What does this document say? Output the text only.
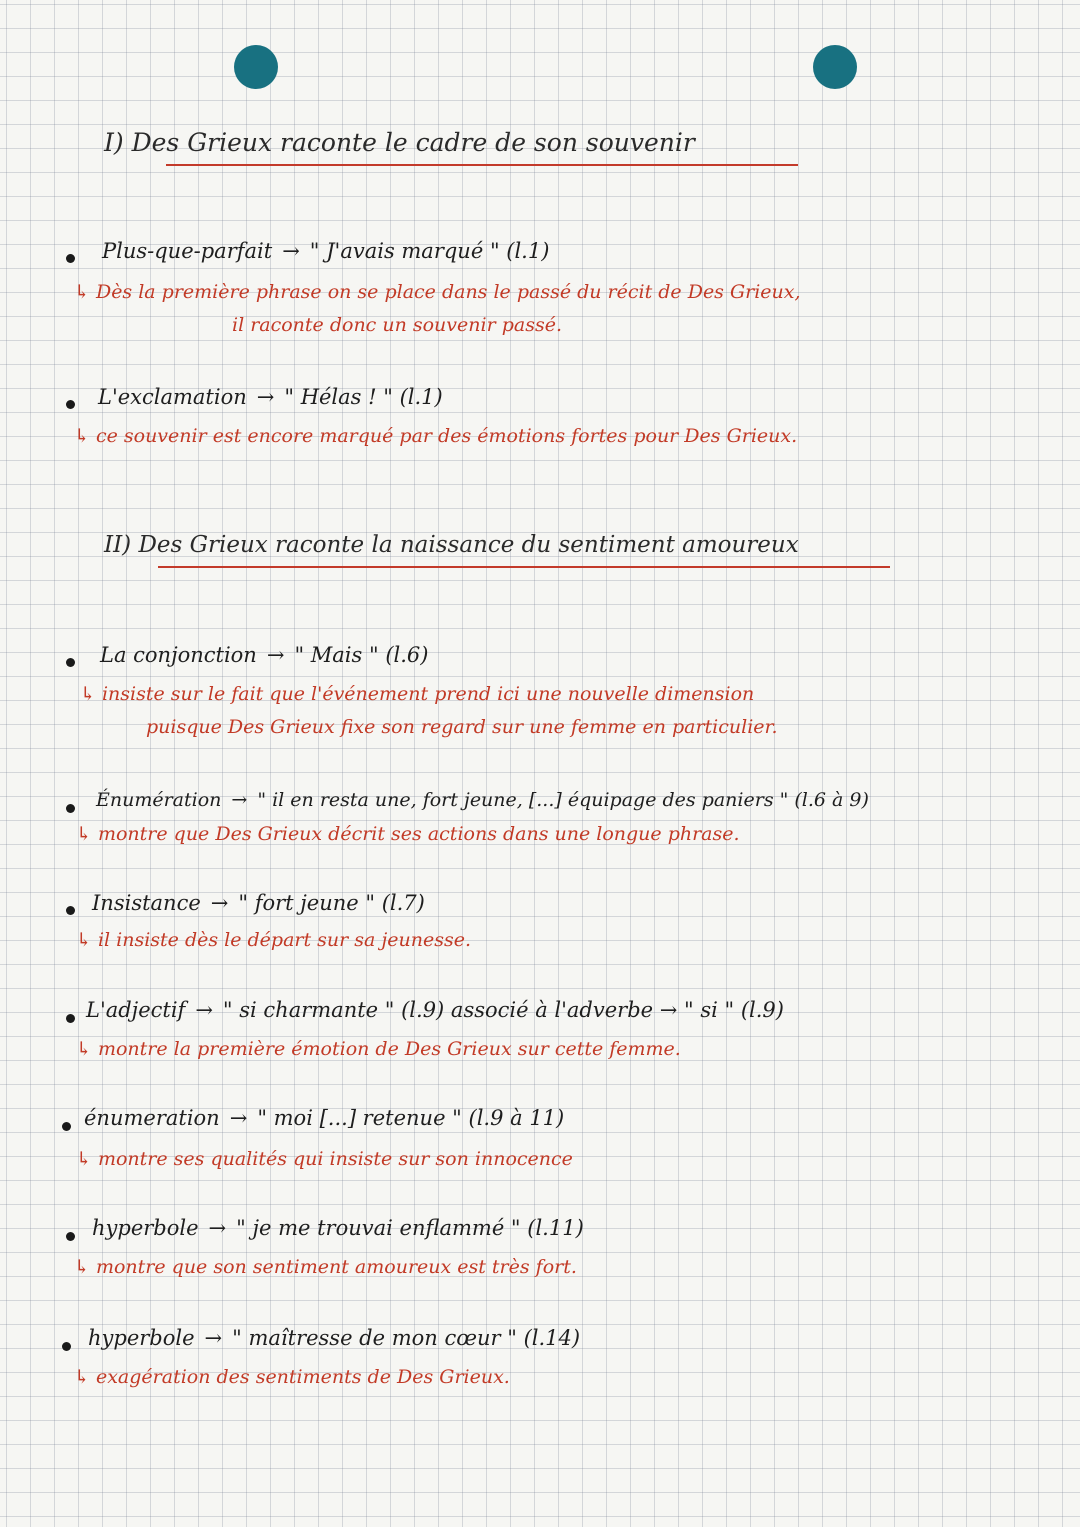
I) Des Grieux raconte le cadre de son souvenir
Plus-que-parfait → " J'avais marqué " (l.1)
↳ Dès la première phrase on se place dans le passé du récit de Des Grieux,
il raconte donc un souvenir passé.
L'exclamation → " Hélas ! " (l.1)
↳ ce souvenir est encore marqué par des émotions fortes pour Des Grieux.
II) Des Grieux raconte la naissance du sentiment amoureux
La conjonction → " Mais " (l.6)
↳ insiste sur le fait que l'événement prend ici une nouvelle dimension
puisque Des Grieux fixe son regard sur une femme en particulier.
Énumération → " il en resta une, fort jeune, [...] équipage des paniers " (l.6 à 9)
↳ montre que Des Grieux décrit ses actions dans une longue phrase.
Insistance → " fort jeune " (l.7)
↳ il insiste dès le départ sur sa jeunesse.
L'adjectif → " si charmante " (l.9) associé à l'adverbe → " si " (l.9)
↳ montre la première émotion de Des Grieux sur cette femme.
énumeration → " moi [...] retenue " (l.9 à 11)
↳ montre ses qualités qui insiste sur son innocence
hyperbole → " je me trouvai enflammé " (l.11)
↳ montre que son sentiment amoureux est très fort.
hyperbole → " maîtresse de mon cœur " (l.14)
↳ exagération des sentiments de Des Grieux.
